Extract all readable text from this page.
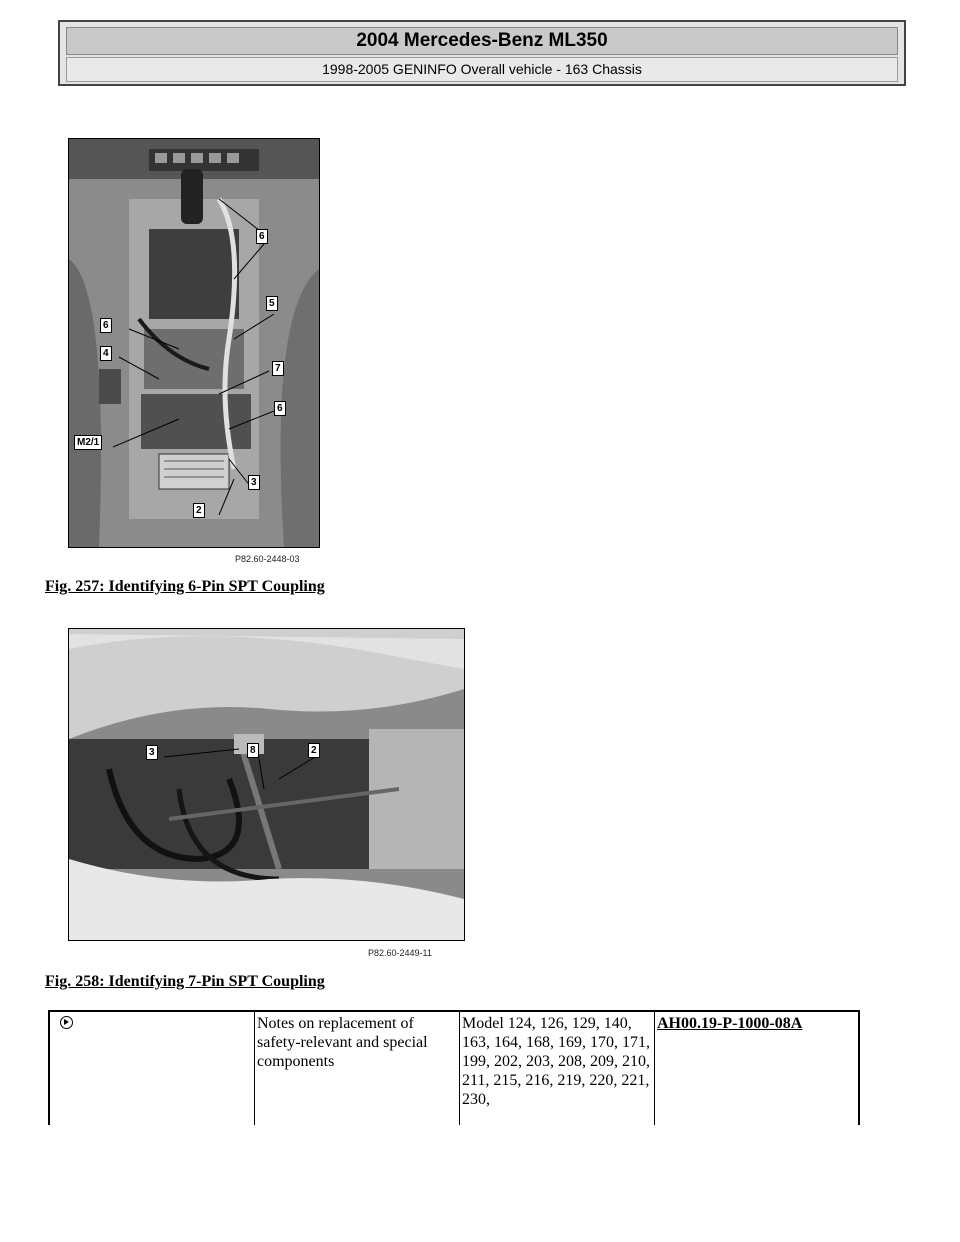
2004 Mercedes-Benz ML350
1998-2005 GENINFO Overall vehicle - 163 Chassis
6
5
6
4
7
6
M2/1
3
2
P82.60-2448-03
Fig. 257: Identifying 6-Pin SPT Coupling
3	8	2
P82.60-2449-11
Fig. 258: Identifying 7-Pin SPT Coupling
	Notes on replacement of safety-relevant and special components	Model 124, 126, 129, 140, 163, 164, 168, 169, 170, 171, 199, 202, 203, 208, 209, 210, 211, 215, 216, 219, 220, 221, 230,	AH00.19-P-1000-08A
